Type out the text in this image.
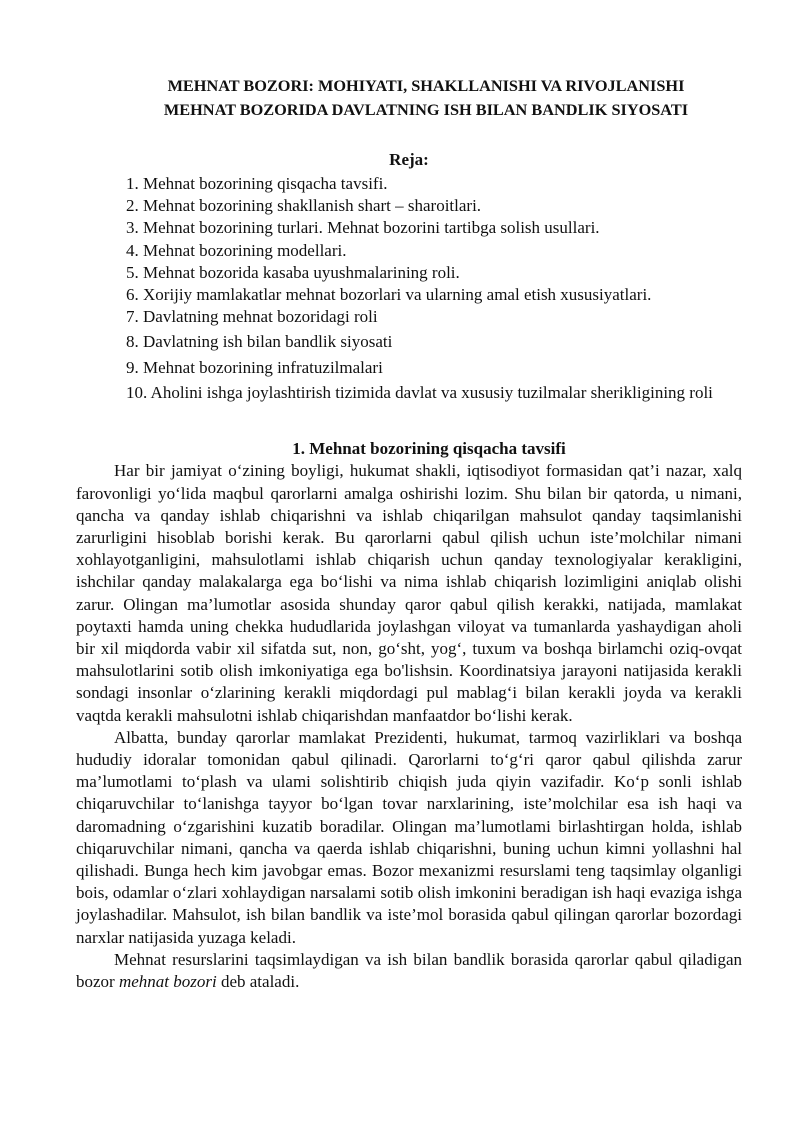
MEHNAT BOZORI: MOHIYATI, SHAKLLANISHI VA RIVOJLANISHI

MEHNAT BOZORIDA DAVLATNING ISH BILAN BANDLIK SIYOSATI

Reja:

1. Mehnat bozorining qisqacha tavsifi.
2. Mehnat bozorining shakllanish shart – sharoitlari.
3. Mehnat bozorining turlari. Mehnat bozorini tartibga solish usullari.
4. Mehnat bozorining modellari.
5. Mehnat bozorida kasaba uyushmalarining roli.
6. Xorijiy mamlakatlar mehnat bozorlari va ularning amal etish xususiyatlari.
7. Davlatning mehnat bozoridagi roli
8. Davlatning ish bilan bandlik siyosati
9. Mehnat bozorining infratuzilmalari
10. Aholini ishga joylashtirish tizimida davlat va xususiy tuzilmalar sherikligining roli

1. Mehnat bozorining qisqacha tavsifi

Har bir jamiyat o‘zining boyligi, hukumat shakli, iqtisodiyot formasidan qat’i nazar, xalq farovonligi yo‘lida maqbul qarorlarni amalga oshirishi lozim. Shu bilan bir qatorda, u nimani, qancha va qanday ishlab chiqarishni va ishlab chiqarilgan mahsulot qanday taqsimlanishi zarurligini hisoblab borishi kerak. Bu qarorlarni qabul qilish uchun iste’molchilar nimani xohlayotganligini, mahsulotlami ishlab chiqarish uchun qanday texnologiyalar kerakligini, ishchilar qanday malakalarga ega bo‘lishi va nima ishlab chiqarish lozimligini aniqlab olishi zarur. Olingan ma’lumotlar asosida shunday qaror qabul qilish kerakki, natijada, mamlakat poytaxti hamda uning chekka hududlarida joylashgan viloyat va tumanlarda yashaydigan aholi bir xil miqdorda vabir xil sifatda sut, non, go‘sht, yog‘, tuxum va boshqa birlamchi oziq-ovqat mahsulotlarini sotib olish imkoniyatiga ega bo'lishsin. Koordinatsiya jarayoni natijasida kerakli sondagi insonlar o‘zlarining kerakli miqdordagi pul mablag‘i bilan kerakli joyda va kerakli vaqtda kerakli mahsulotni ishlab chiqarishdan manfaatdor bo‘lishi kerak.

Albatta, bunday qarorlar mamlakat Prezidenti, hukumat, tarmoq vazirliklari va boshqa hududiy idoralar tomonidan qabul qilinadi. Qarorlarni to‘g‘ri qaror qabul qilishda zarur ma’lumotlami to‘plash va ulami solishtirib chiqish juda qiyin vazifadir. Ko‘p sonli ishlab chiqaruvchilar to‘lanishga tayyor bo‘lgan tovar narxlarining, iste’molchilar esa ish haqi va daromadning o‘zgarishini kuzatib boradilar. Olingan ma’lumotlami birlashtirgan holda, ishlab chiqaruvchilar nimani, qancha va qaerda ishlab chiqarishni, buning uchun kimni yollashni hal qilishadi. Bunga hech kim javobgar emas. Bozor mexanizmi resurslami teng taqsimlay olganligi bois, odamlar o‘zlari xohlaydigan narsalami sotib olish imkonini beradigan ish haqi evaziga ishga joylashadilar. Mahsulot, ish bilan bandlik va iste’mol borasida qabul qilingan qarorlar bozordagi narxlar natijasida yuzaga keladi.

Mehnat resurslarini taqsimlaydigan va ish bilan bandlik borasida qarorlar qabul qiladigan bozor mehnat bozori deb ataladi.
